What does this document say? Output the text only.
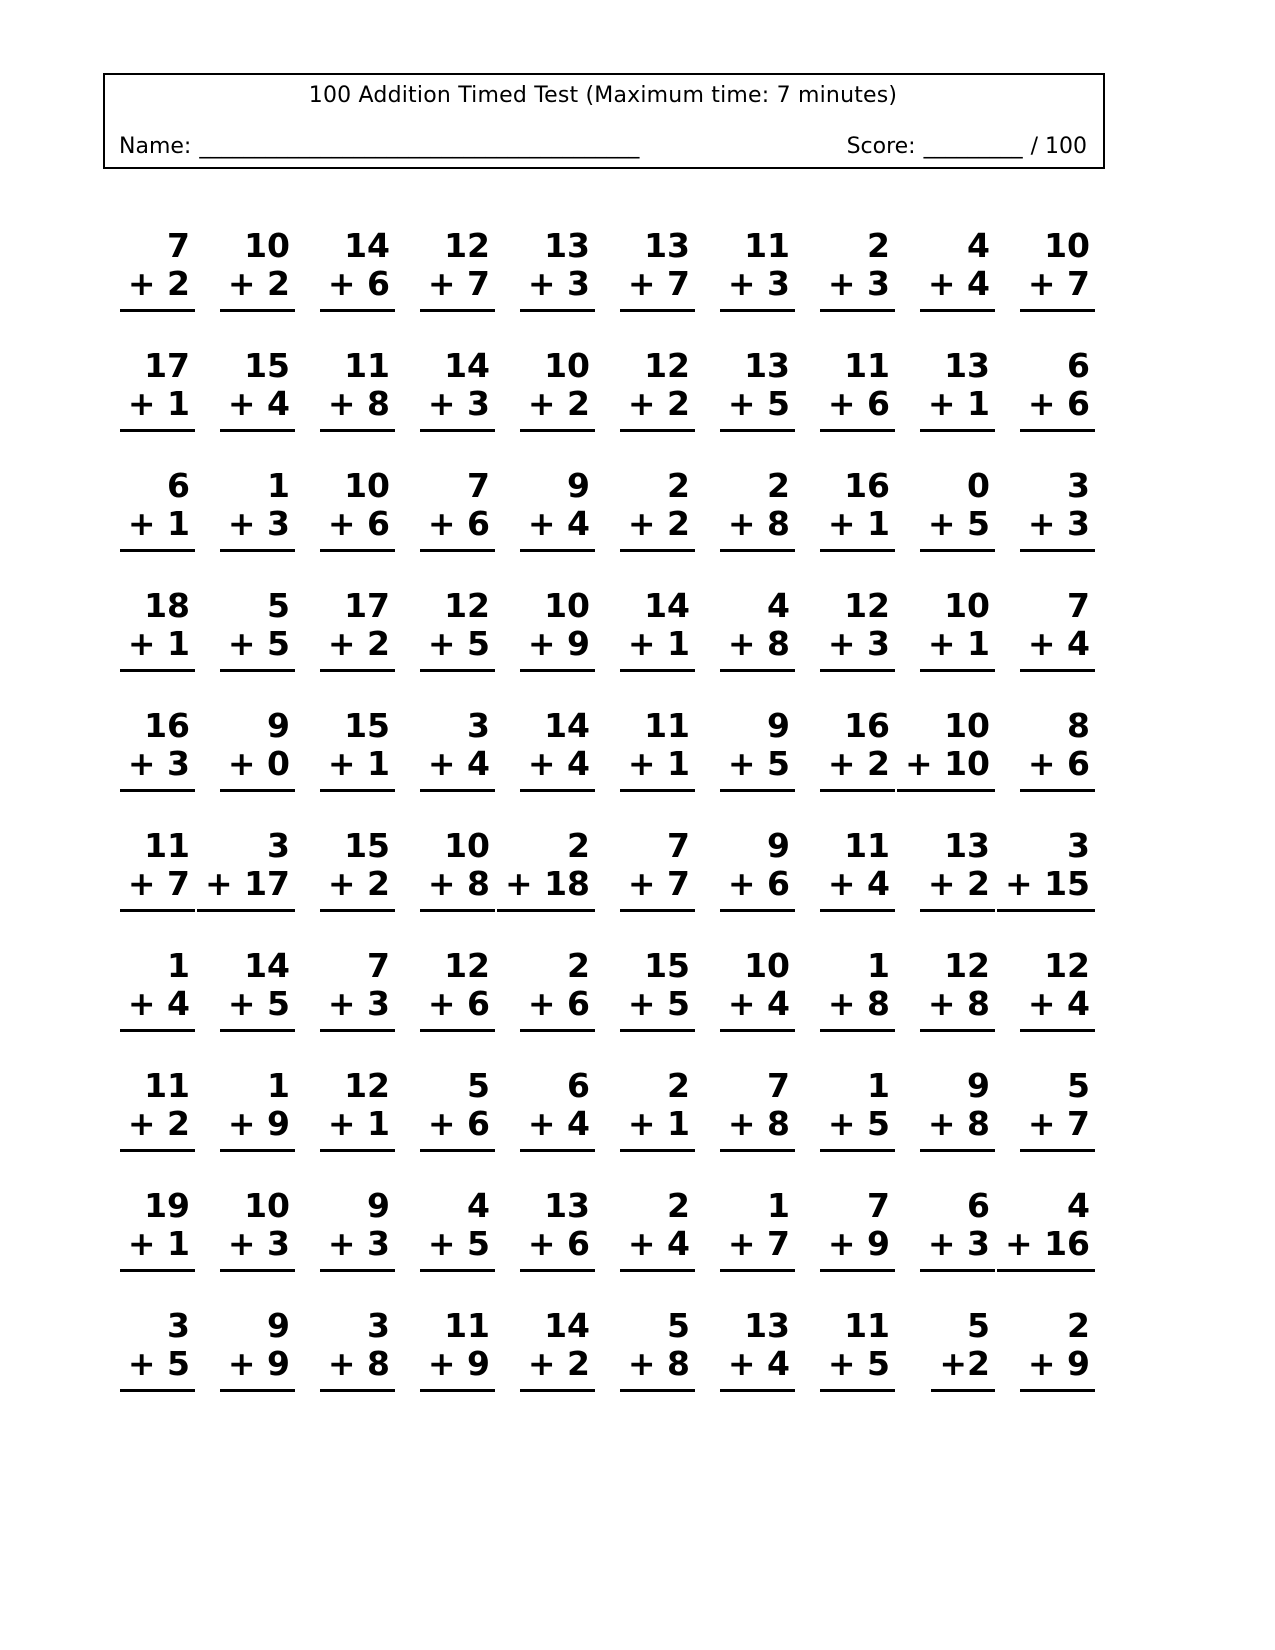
100 Addition Timed Test (Maximum time: 7 minutes)
Name: ________________________________________	Score: _________ / 100
7
+ 2
10
+ 2
14
+ 6
12
+ 7
13
+ 3
13
+ 7
11
+ 3
2
+ 3
4
+ 4
10
+ 7
17
+ 1
15
+ 4
11
+ 8
14
+ 3
10
+ 2
12
+ 2
13
+ 5
11
+ 6
13
+ 1
6
+ 6
6
+ 1
1
+ 3
10
+ 6
7
+ 6
9
+ 4
2
+ 2
2
+ 8
16
+ 1
0
+ 5
3
+ 3
18
+ 1
5
+ 5
17
+ 2
12
+ 5
10
+ 9
14
+ 1
4
+ 8
12
+ 3
10
+ 1
7
+ 4
16
+ 3
9
+ 0
15
+ 1
3
+ 4
14
+ 4
11
+ 1
9
+ 5
16
+ 2
10
+ 10
8
+ 6
11
+ 7
3
+ 17
15
+ 2
10
+ 8
2
+ 18
7
+ 7
9
+ 6
11
+ 4
13
+ 2
3
+ 15
1
+ 4
14
+ 5
7
+ 3
12
+ 6
2
+ 6
15
+ 5
10
+ 4
1
+ 8
12
+ 8
12
+ 4
11
+ 2
1
+ 9
12
+ 1
5
+ 6
6
+ 4
2
+ 1
7
+ 8
1
+ 5
9
+ 8
5
+ 7
19
+ 1
10
+ 3
9
+ 3
4
+ 5
13
+ 6
2
+ 4
1
+ 7
7
+ 9
6
+ 3
4
+ 16
3
+ 5
9
+ 9
3
+ 8
11
+ 9
14
+ 2
5
+ 8
13
+ 4
11
+ 5
5
+2
2
+ 9
